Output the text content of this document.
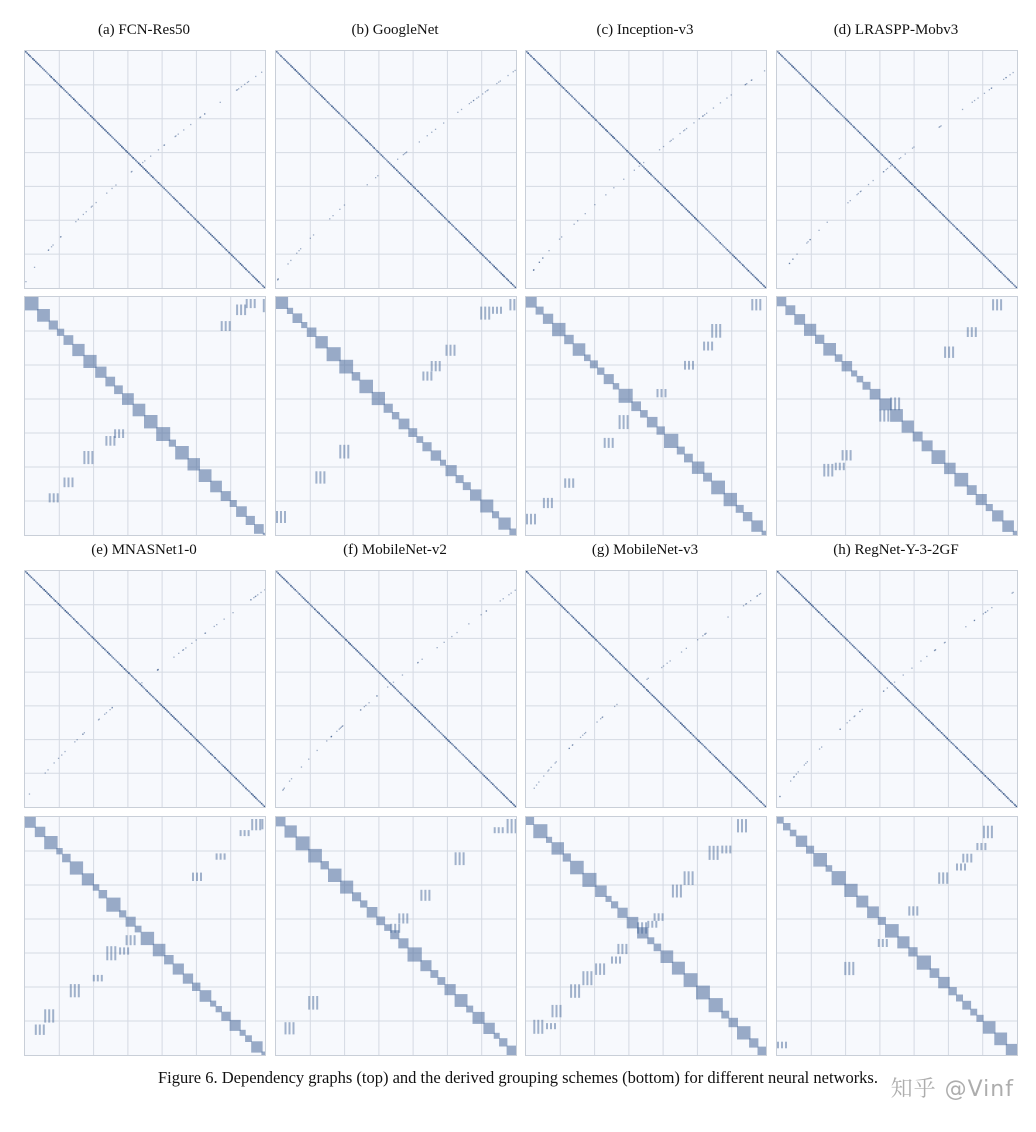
(a) FCN-Res50	(b) GoogleNet	(c) Inception-v3	(d) LRASPP-Mobv3
(e) MNASNet1-0	(f) MobileNet-v2	(g) MobileNet-v3	(h) RegNet-Y-3-2GF
Figure 6. Dependency graphs (top) and the derived grouping schemes (bottom) for different neural networks. 知乎 @Vinf
